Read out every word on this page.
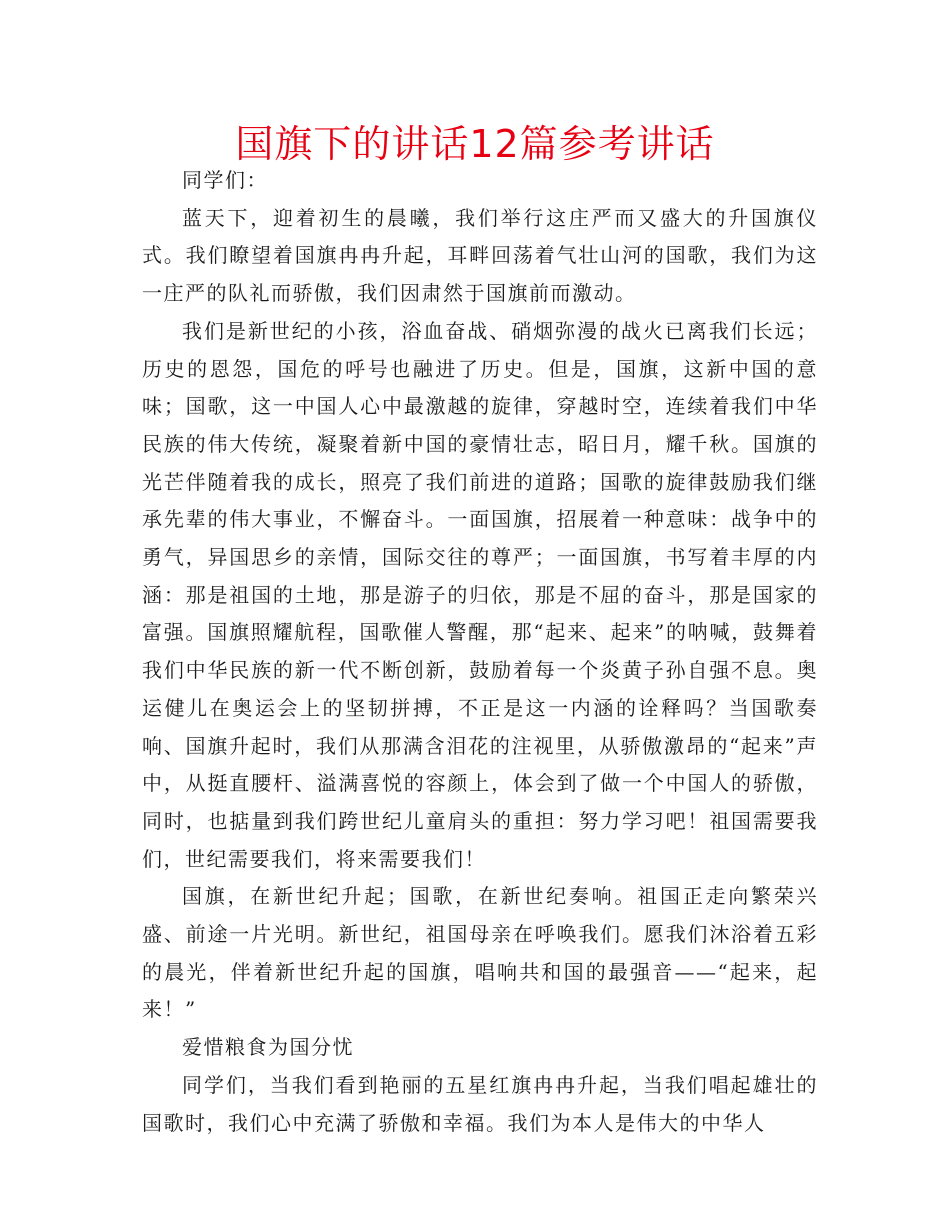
国旗下的讲话12篇参考讲话

同学们：

蓝天下，迎着初生的晨曦，我们举行这庄严而又盛大的升国旗仪式。我们瞭望着国旗冉冉升起，耳畔回荡着气壮山河的国歌，我们为这一庄严的队礼而骄傲，我们因肃然于国旗前而激动。

我们是新世纪的小孩，浴血奋战、硝烟弥漫的战火已离我们长远；历史的恩怨，国危的呼号也融进了历史。但是，国旗，这新中国的意味；国歌，这一中国人心中最激越的旋律，穿越时空，连续着我们中华民族的伟大传统，凝聚着新中国的豪情壮志，昭日月，耀千秋。国旗的光芒伴随着我的成长，照亮了我们前进的道路；国歌的旋律鼓励我们继承先辈的伟大事业，不懈奋斗。一面国旗，招展着一种意味：战争中的勇气，异国思乡的亲情，国际交往的尊严；一面国旗，书写着丰厚的内涵：那是祖国的土地，那是游子的归依，那是不屈的奋斗，那是国家的富强。国旗照耀航程，国歌催人警醒，那“起来、起来”的呐喊，鼓舞着我们中华民族的新一代不断创新，鼓励着每一个炎黄子孙自强不息。奥运健儿在奥运会上的坚韧拼搏，不正是这一内涵的诠释吗？当国歌奏响、国旗升起时，我们从那满含泪花的注视里，从骄傲激昂的“起来”声中，从挺直腰杆、溢满喜悦的容颜上，体会到了做一个中国人的骄傲，同时，也掂量到我们跨世纪儿童肩头的重担：努力学习吧！祖国需要我们，世纪需要我们，将来需要我们！

国旗，在新世纪升起；国歌，在新世纪奏响。祖国正走向繁荣兴盛、前途一片光明。新世纪，祖国母亲在呼唤我们。愿我们沐浴着五彩的晨光，伴着新世纪升起的国旗，唱响共和国的最强音——“起来，起来！”

爱惜粮食为国分忧

同学们，当我们看到艳丽的五星红旗冉冉升起，当我们唱起雄壮的国歌时，我们心中充满了骄傲和幸福。我们为本人是伟大的中华人
